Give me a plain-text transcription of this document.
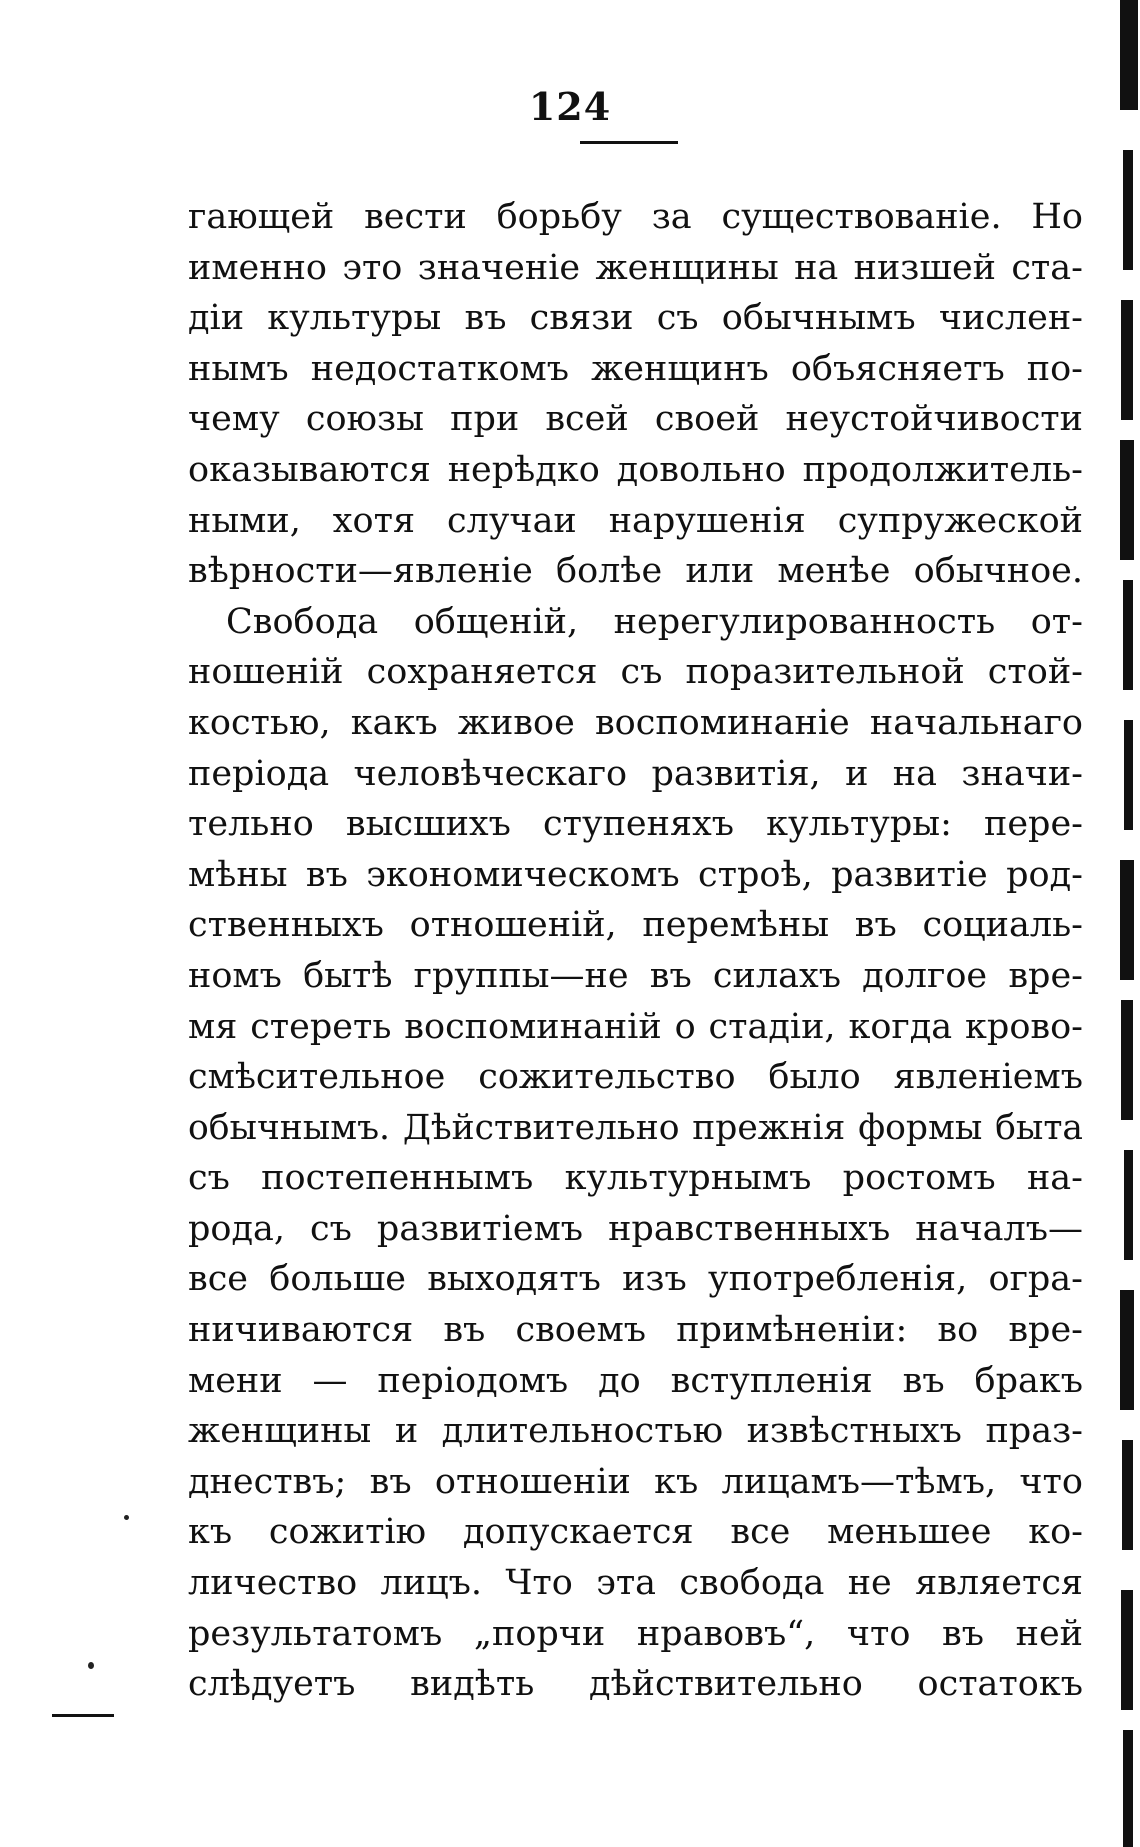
124
гающей вести борьбу за существованіе. Но
именно это значеніе женщины на низшей ста-
діи культуры въ связи съ обычнымъ числен-
нымъ недостаткомъ женщинъ объясняетъ по-
чему союзы при всей своей неустойчивости
оказываются нерѣдко довольно продолжитель-
ными, хотя случаи нарушенія супружеской
вѣрности—явленіе болѣе или менѣе обычное.
Свобода общеній, нерегулированность от-
ношеній сохраняется съ поразительной стой-
костью, какъ живое воспоминаніе начальнаго
періода человѣческаго развитія, и на значи-
тельно высшихъ ступеняхъ культуры: пере-
мѣны въ экономическомъ строѣ, развитіе род-
ственныхъ отношеній, перемѣны въ социаль-
номъ бытѣ группы—не въ силахъ долгое вре-
мя стереть воспоминаній о стадіи, когда крово-
смѣсительное сожительство было явленіемъ
обычнымъ. Дѣйствительно прежнія формы быта
съ постепеннымъ культурнымъ ростомъ на-
рода, съ развитіемъ нравственныхъ началъ—
все больше выходятъ изъ употребленія, огра-
ничиваются въ своемъ примѣненіи: во вре-
мени — періодомъ до вступленія въ бракъ
женщины и длительностью извѣстныхъ праз-
днествъ; въ отношеніи къ лицамъ—тѣмъ, что
къ сожитію допускается все меньшее ко-
личество лицъ. Что эта свобода не является
результатомъ „порчи нравовъ“, что въ ней
слѣдуетъ видѣть дѣйствительно остатокъ
